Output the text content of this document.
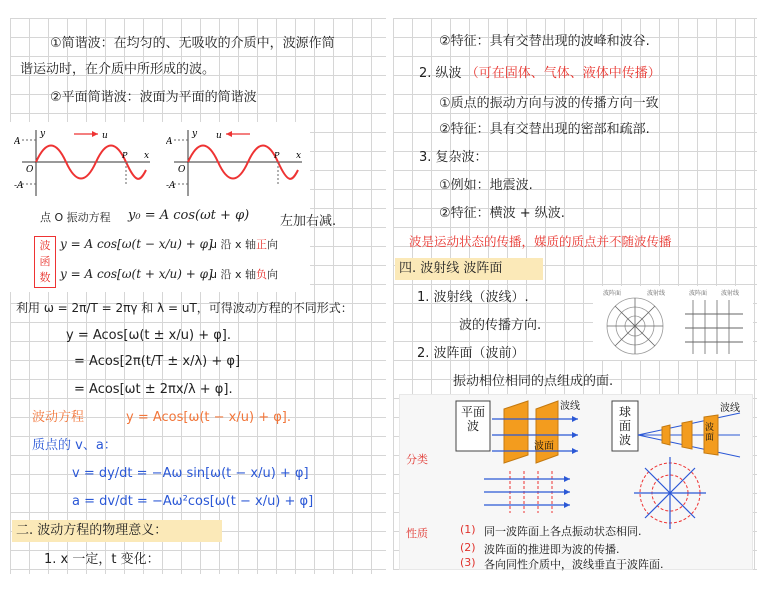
①简谐波：在均匀的、无吸收的介质中，波源作简
谐运动时，在介质中所形成的波。
②平面简谐波：波面为平面的简谐波
A
-A
O
y
x
u
P
A
-A
O
y
x
u
P
点 O 振动方程 y₀ = A cos(ωt + φ)
波函数
y = A cos[ω(t − x/u) + φ]
u 沿 x 轴正向
y = A cos[ω(t + x/u) + φ]
u 沿 x 轴负向
左加右减.
利用 ω = 2π/T = 2πγ 和 λ = uT，可得波动方程的不同形式：
y = Acos[ω(t ± x/u) + φ].
= Acos[2π(t/T ± x/λ) + φ]
= Acos[ωt ± 2πx/λ + φ].
波动方程	y = Acos[ω(t − x/u) + φ].
质点的 v、a：
v = dy/dt = −Aω sin[ω(t − x/u) + φ]
a = dv/dt = −Aω²cos[ω(t − x/u) + φ]
二. 波动方程的物理意义：
1. x 一定，t 变化：
②特征：具有交替出现的波峰和波谷.
2. 纵波 （可在固体、气体、液体中传播）
①质点的振动方向与波的传播方向一致
②特征：具有交替出现的密部和疏部.
3. 复杂波：
①例如：地震波.
②特征：横波 + 纵波.
波是运动状态的传播，媒质的质点并不随波传播
四. 波射线 波阵面
1. 波射线（波线）.
波的传播方向.
波阵面	波射线	波阵面 波射线
2. 波阵面（波前）
振动相位相同的点组成的面.
平面波
球面波
波线
波面
波线
波面
分类
性质	(1) 同一波阵面上各点振动状态相同.
(2) 波阵面的推进即为波的传播.
(3) 各向同性介质中，波线垂直于波阵面.
